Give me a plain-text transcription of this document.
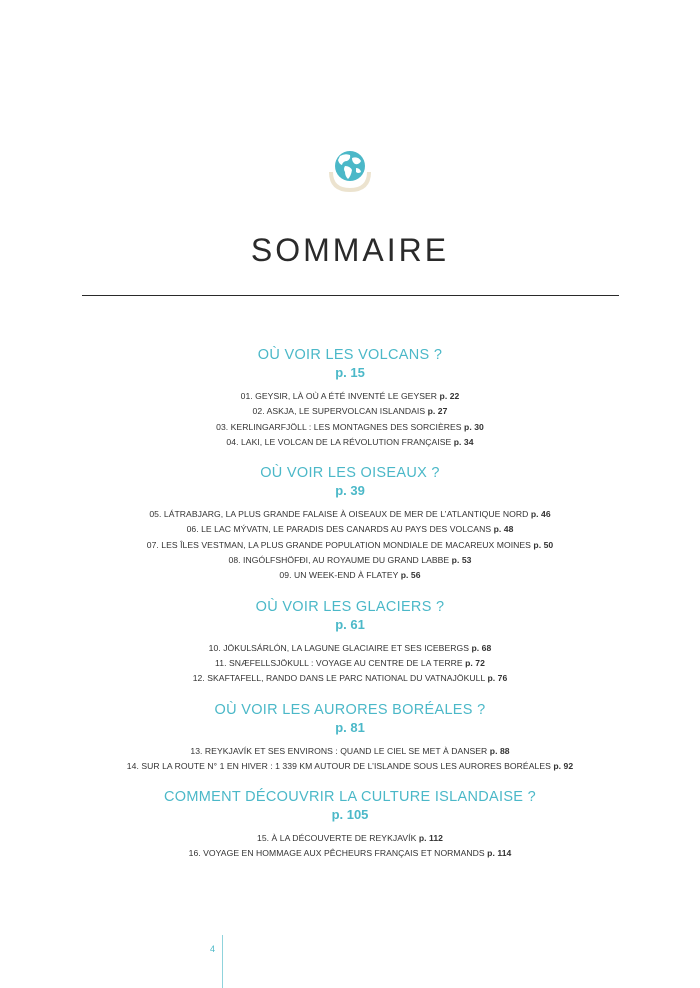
SOMMAIRE
OÙ VOIR LES VOLCANS ?
p. 15
01. GEYSIR, LÀ OÙ A ÉTÉ INVENTÉ LE GEYSER p. 22
02. ASKJA, LE SUPERVOLCAN ISLANDAIS p. 27
03. KERLINGARFJÖLL : LES MONTAGNES DES SORCIÈRES p. 30
04. LAKI, LE VOLCAN DE LA RÉVOLUTION FRANÇAISE p. 34
OÙ VOIR LES OISEAUX ?
p. 39
05. LÁTRABJARG, LA PLUS GRANDE FALAISE À OISEAUX DE MER DE L’ATLANTIQUE NORD p. 46
06. LE LAC MÝVATN, LE PARADIS DES CANARDS AU PAYS DES VOLCANS p. 48
07. LES ÎLES VESTMAN, LA PLUS GRANDE POPULATION MONDIALE DE MACAREUX MOINES p. 50
08. INGÓLFSHÖFÐI, AU ROYAUME DU GRAND LABBE p. 53
09. UN WEEK-END À FLATEY p. 56
OÙ VOIR LES GLACIERS ?
p. 61
10. JÖKULSÁRLÓN, LA LAGUNE GLACIAIRE ET SES ICEBERGS p. 68
11. SNÆFELLSJÖKULL : VOYAGE AU CENTRE DE LA TERRE p. 72
12. SKAFTAFELL, RANDO DANS LE PARC NATIONAL DU VATNAJÖKULL p. 76
OÙ VOIR LES AURORES BORÉALES ?
p. 81
13. REYKJAVÍK ET SES ENVIRONS : QUAND LE CIEL SE MET À DANSER p. 88
14. SUR LA ROUTE N° 1 EN HIVER : 1 339 KM AUTOUR DE L’ISLANDE SOUS LES AURORES BORÉALES p. 92
COMMENT DÉCOUVRIR LA CULTURE ISLANDAISE ?
p. 105
15. À LA DÉCOUVERTE DE REYKJAVÍK p. 112
16. VOYAGE EN HOMMAGE AUX PÊCHEURS FRANÇAIS ET NORMANDS p. 114
4
